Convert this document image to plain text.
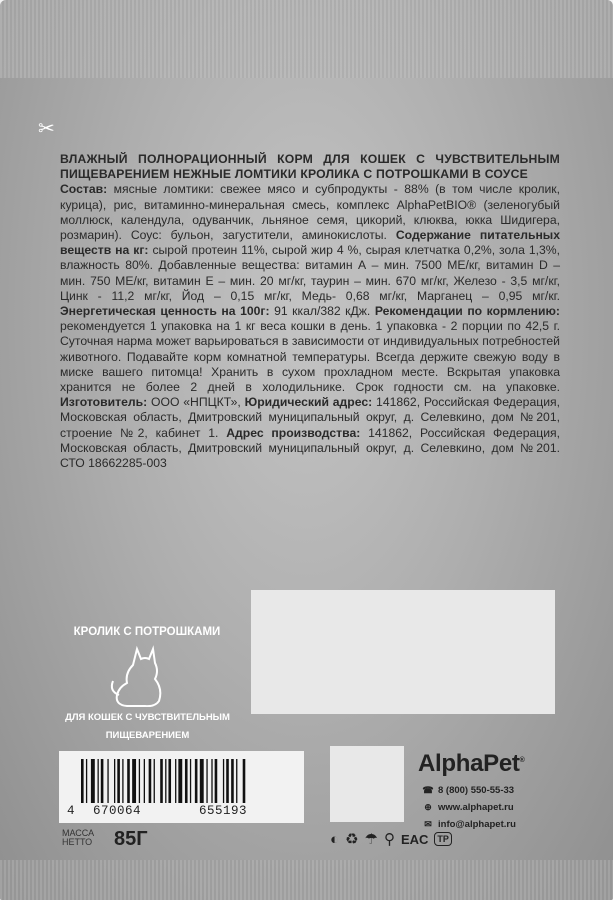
✂
ВЛАЖНЫЙ ПОЛНОРАЦИОННЫЙ КОРМ ДЛЯ КОШЕК С ЧУВСТВИТЕЛЬНЫМ ПИЩЕВАРЕНИЕМ НЕЖНЫЕ ЛОМТИКИ КРОЛИКА С ПОТРОШКАМИ В СОУСЕ
Состав: мясные ломтики: свежее мясо и субпродукты - 88% (в том числе кролик, курица), рис, витаминно-минеральная смесь, комплекс AlphaPetBIO® (зеленогубый моллюск, календула, одуванчик, льняное семя, цикорий, клюква, юкка Шидигера, розмарин). Соус: бульон, загустители, аминокислоты. Содержание питательных веществ на кг: сырой протеин 11%, сырой жир 4 %, сырая клетчатка 0,2%, зола 1,3%, влажность 80%. Добавленные вещества: витамин А – мин. 7500 МЕ/кг, витамин D – мин. 750 МЕ/кг, витамин Е – мин. 20 мг/кг, таурин – мин. 670 мг/кг, Железо - 3,5 мг/кг, Цинк - 11,2 мг/кг, Йод – 0,15 мг/кг, Медь- 0,68 мг/кг, Марганец – 0,95 мг/кг. Энергетическая ценность на 100г: 91 ккал/382 кДж. Рекомендации по кормлению: рекомендуется 1 упаковка на 1 кг веса кошки в день. 1 упаковка - 2 порции по 42,5 г. Суточная нарма может варьироваться в зависимости от индивидуальных потребностей животного. Подавайте корм комнатной температуры. Всегда держите свежую воду в миске вашего питомца! Хранить в сухом прохладном месте. Вскрытая упаковка хранится не более 2 дней в холодильнике. Срок годности см. на упаковке. Изготовитель: ООО «НПЦКТ», Юридический адрес: 141862, Российская Федерация, Московская область, Дмитровский муниципальный округ, д. Селевкино, дом №201, строение №2, кабинет 1. Адрес производства: 141862, Российская Федерация, Московская область, Дмитровский муниципальный округ, д. Селевкино, дом №201. СТО 18662285-003
КРОЛИК С ПОТРОШКАМИ
ДЛЯ КОШЕК С ЧУВСТВИТЕЛЬНЫМ
ПИЩЕВАРЕНИЕМ
4 670064	655193
МАССА
НЕТТО 85Г
AlphaPet®
☎ 8 (800) 550-55-33
⊕ www.alphapet.ru
✉ info@alphapet.ru
◐ ♻ ☂ ⚲ EAC	TP
